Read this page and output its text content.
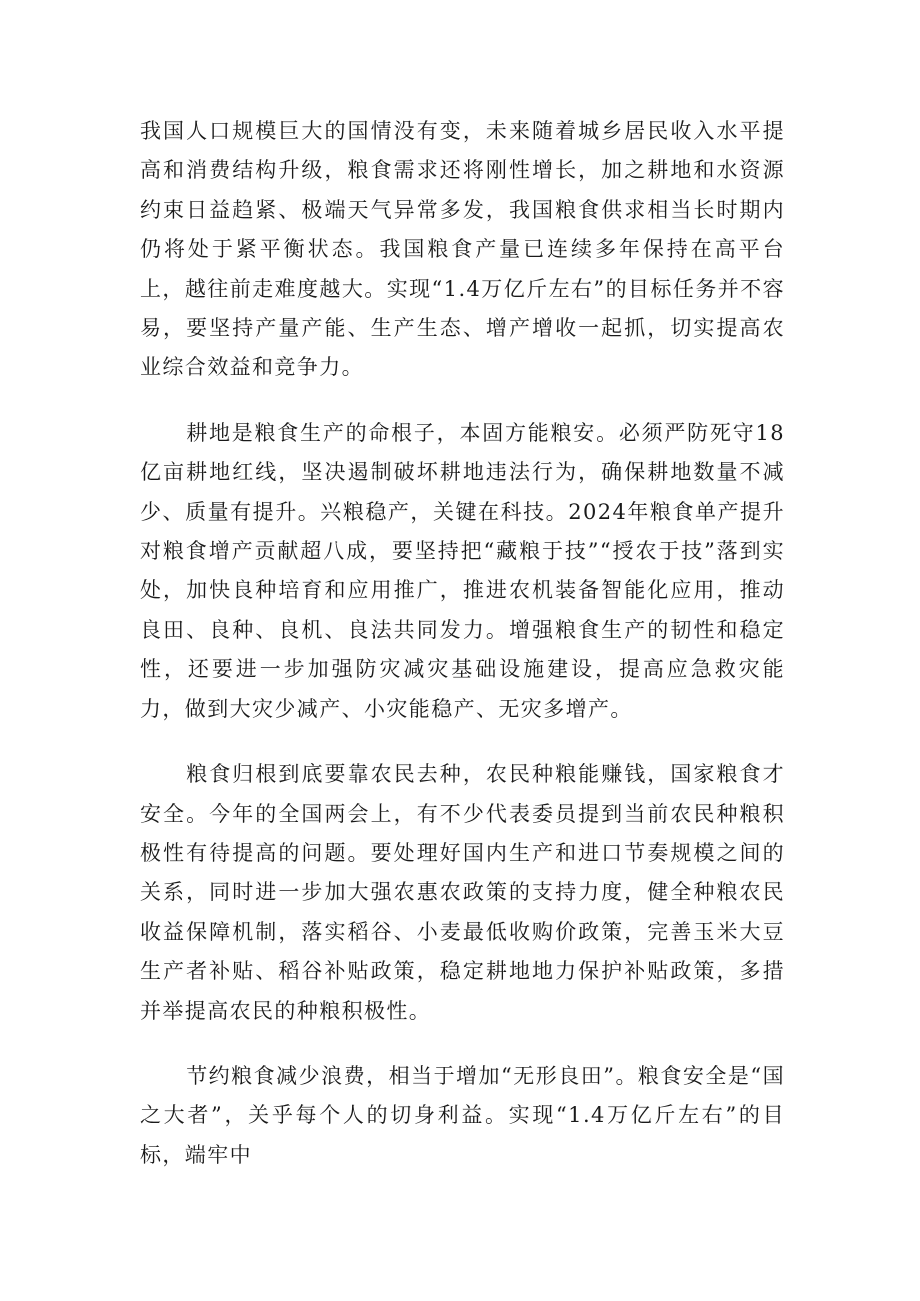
我国人口规模巨大的国情没有变，未来随着城乡居民收入水平提高和消费结构升级，粮食需求还将刚性增长，加之耕地和水资源约束日益趋紧、极端天气异常多发，我国粮食供求相当长时期内仍将处于紧平衡状态。我国粮食产量已连续多年保持在高平台上，越往前走难度越大。实现“1.4万亿斤左右”的目标任务并不容易，要坚持产量产能、生产生态、增产增收一起抓，切实提高农业综合效益和竞争力。

耕地是粮食生产的命根子，本固方能粮安。必须严防死守18亿亩耕地红线，坚决遏制破坏耕地违法行为，确保耕地数量不减少、质量有提升。兴粮稳产，关键在科技。2024年粮食单产提升对粮食增产贡献超八成，要坚持把“藏粮于技”“授农于技”落到实处，加快良种培育和应用推广，推进农机装备智能化应用，推动良田、良种、良机、良法共同发力。增强粮食生产的韧性和稳定性，还要进一步加强防灾减灾基础设施建设，提高应急救灾能力，做到大灾少减产、小灾能稳产、无灾多增产。

粮食归根到底要靠农民去种，农民种粮能赚钱，国家粮食才安全。今年的全国两会上，有不少代表委员提到当前农民种粮积极性有待提高的问题。要处理好国内生产和进口节奏规模之间的关系，同时进一步加大强农惠农政策的支持力度，健全种粮农民收益保障机制，落实稻谷、小麦最低收购价政策，完善玉米大豆生产者补贴、稻谷补贴政策，稳定耕地地力保护补贴政策，多措并举提高农民的种粮积极性。

节约粮食减少浪费，相当于增加“无形良田”。粮食安全是“国之大者”，关乎每个人的切身利益。实现“1.4万亿斤左右”的目标，端牢中
